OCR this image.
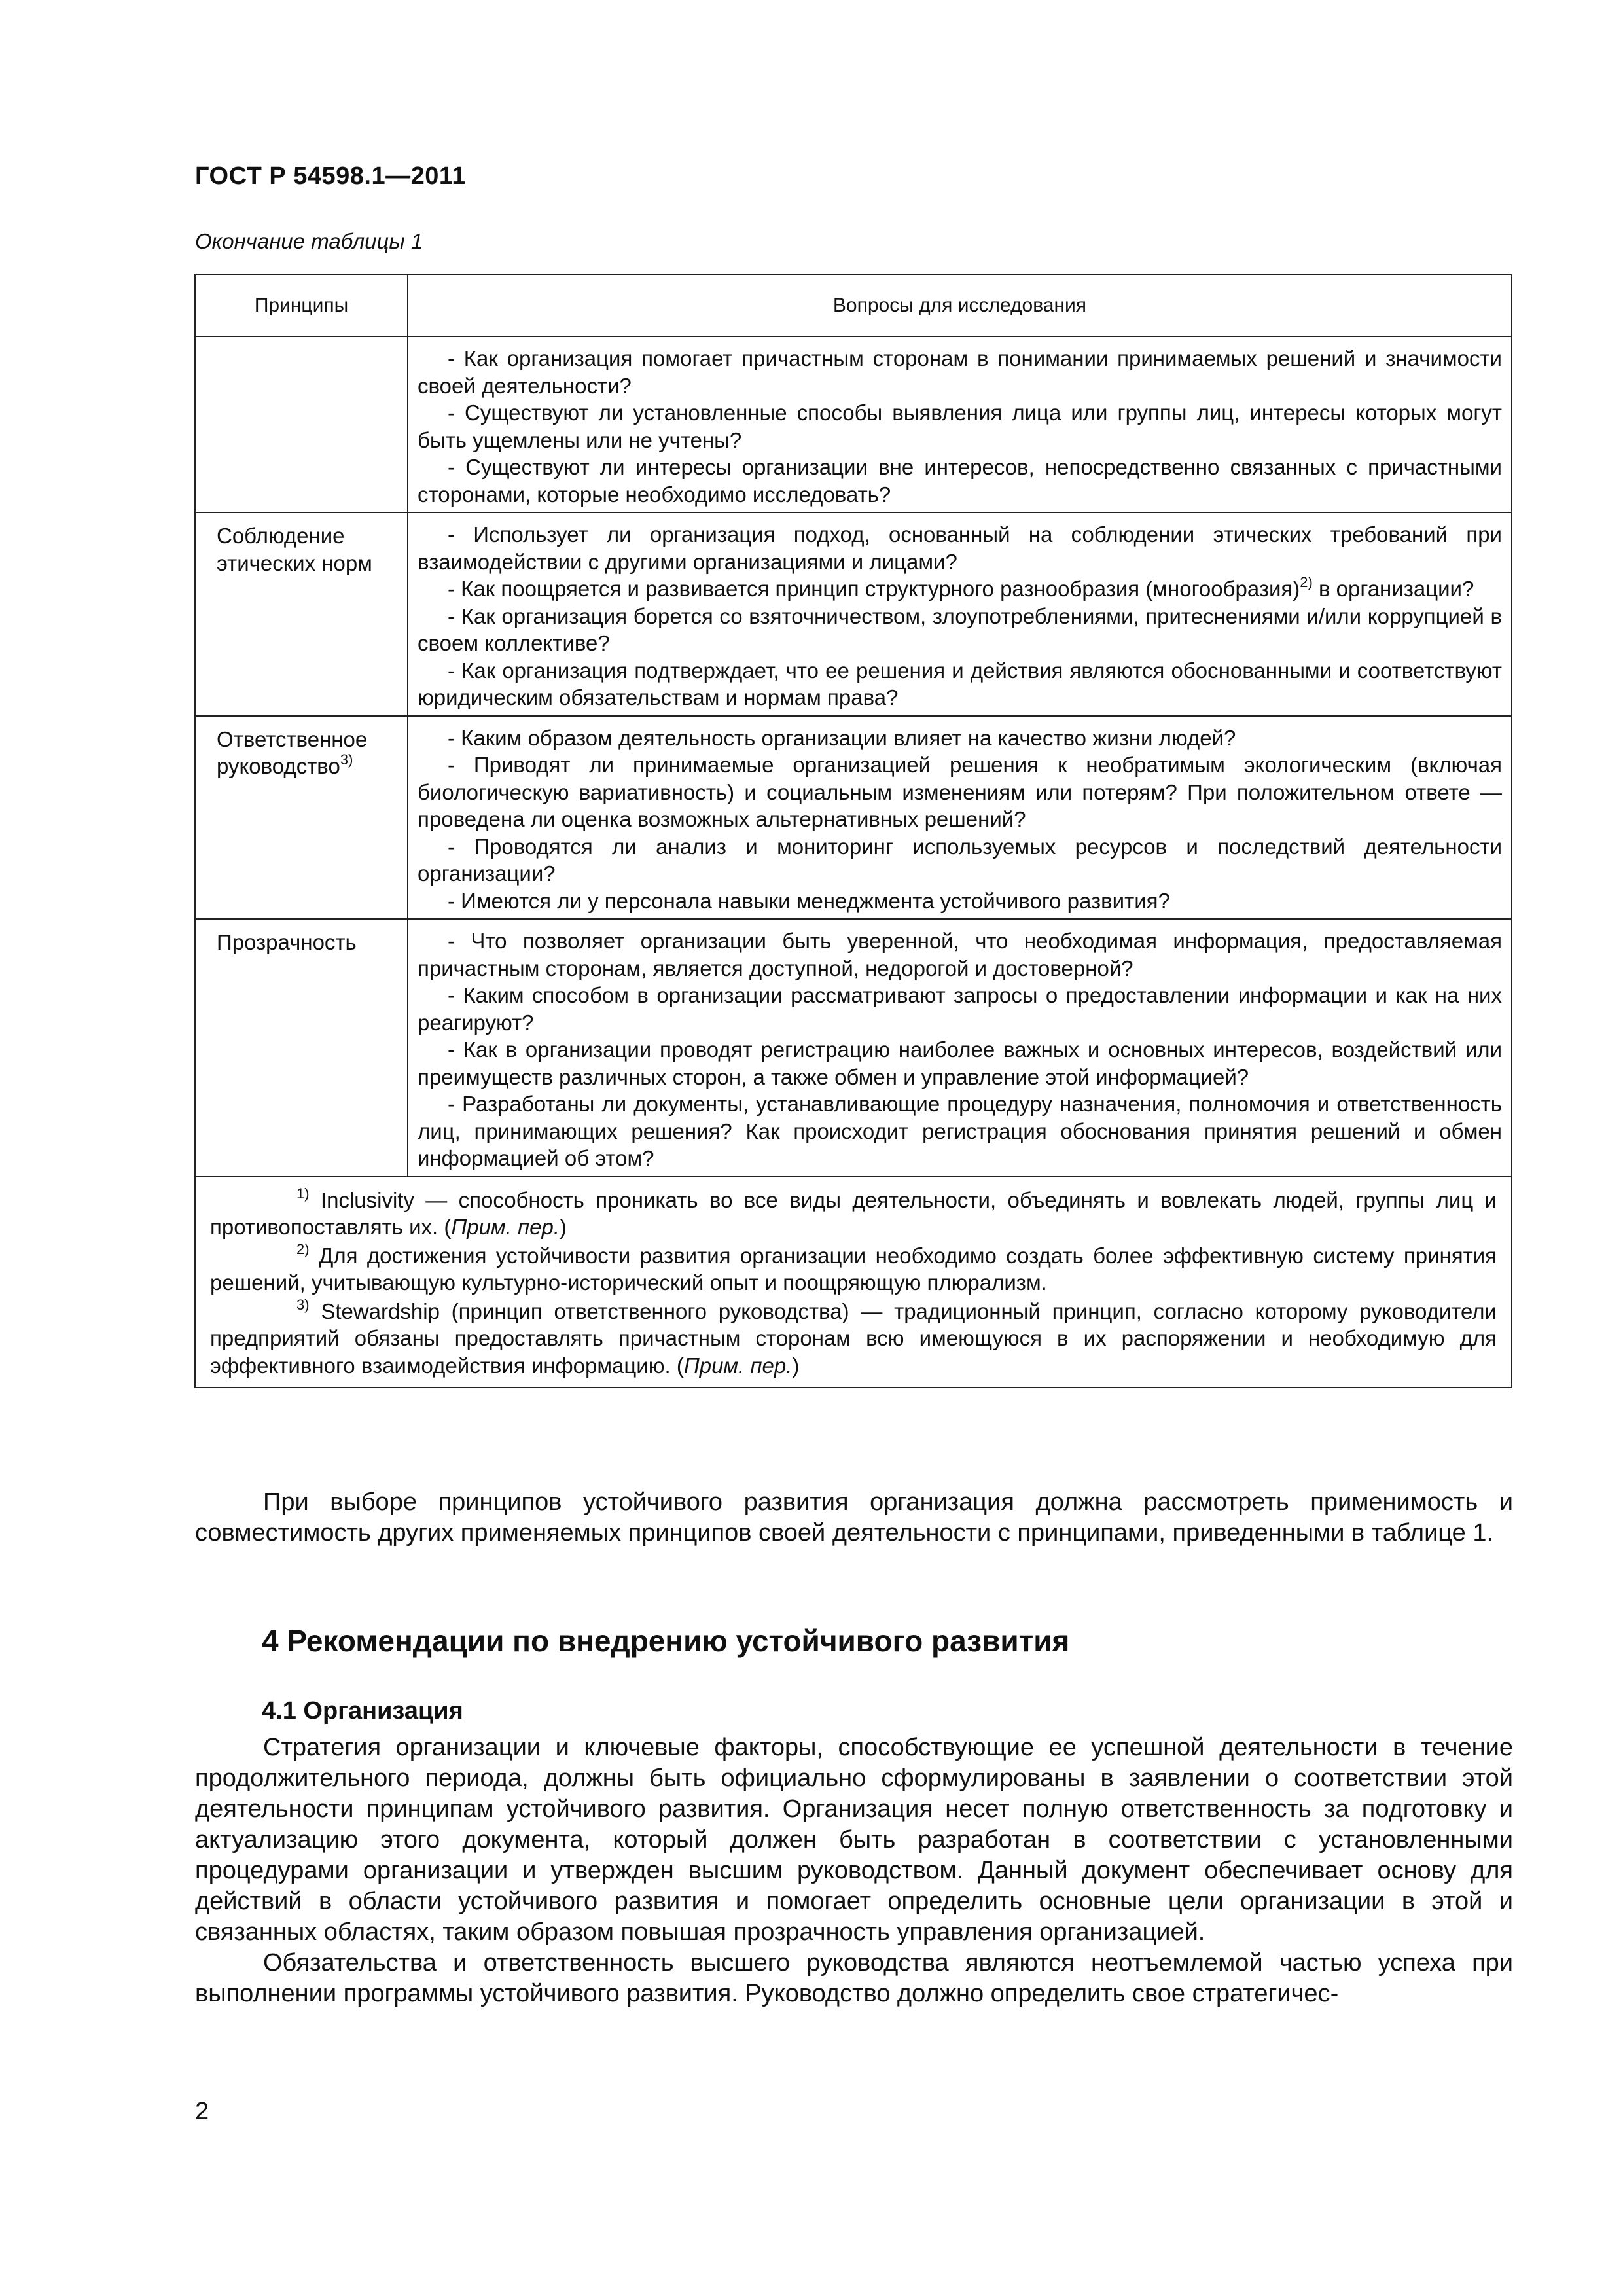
ГОСТ Р 54598.1—2011
Окончание таблицы 1
Принципы	Вопросы для исследования

	- Как организация помогает причастным сторонам в понимании принимаемых решений и значимости своей деятельности?

- Существуют ли установленные способы выявления лица или группы лиц, интересы которых могут быть ущемлены или не учтены?

- Существуют ли интересы организации вне интересов, непосредственно связанных с причастными сторонами, которые необходимо исследовать?

Соблюдение этических норм	- Использует ли организация подход, основанный на соблюдении этических требований при взаимодействии с другими организациями и лицами?

- Как поощряется и развивается принцип структурного разнообразия (многообразия)$^{2)}$ в организации?

- Как организация борется со взяточничеством, злоупотреблениями, притеснениями и/или коррупцией в своем коллективе?

- Как организация подтверждает, что ее решения и действия являются обоснованными и соответствуют юридическим обязательствам и нормам права?

Ответственное руководство$^{3)}$	- Каким образом деятельность организации влияет на качество жизни людей?

- Приводят ли принимаемые организацией решения к необратимым экологическим (включая биологическую вариативность) и социальным изменениям или потерям? При положительном ответе — проведена ли оценка возможных альтернативных решений?

- Проводятся ли анализ и мониторинг используемых ресурсов и последствий деятельности организации?

- Имеются ли у персонала навыки менеджмента устойчивого развития?

Прозрачность	- Что позволяет организации быть уверенной, что необходимая информация, предоставляемая причастным сторонам, является доступной, недорогой и достоверной?

- Каким способом в организации рассматривают запросы о предоставлении информации и как на них реагируют?

- Как в организации проводят регистрацию наиболее важных и основных интересов, воздействий или преимуществ различных сторон, а также обмен и управление этой информацией?

- Разработаны ли документы, устанавливающие процедуру назначения, полномочия и ответственность лиц, принимающих решения? Как происходит регистрация обоснования принятия решений и обмен информацией об этом?

$^{1)}$ Inclusivity — способность проникать во все виды деятельности, объединять и вовлекать людей, группы лиц и противопоставлять их. (Прим. пер.)

$^{2)}$ Для достижения устойчивости развития организации необходимо создать более эффективную систему принятия решений, учитывающую культурно-исторический опыт и поощряющую плюрализм.

$^{3)}$ Stewardship (принцип ответственного руководства) — традиционный принцип, согласно которому руководители предприятий обязаны предоставлять причастным сторонам всю имеющуюся в их распоряжении и необходимую для эффективного взаимодействия информацию. (Прим. пер.)	

При выборе принципов устойчивого развития организация должна рассмотреть применимость и совместимость других применяемых принципов своей деятельности с принципами, приведенными в таблице 1.

4 Рекомендации по внедрению устойчивого развития
4.1 Организация

Стратегия организации и ключевые факторы, способствующие ее успешной деятельности в течение продолжительного периода, должны быть официально сформулированы в заявлении о соответствии этой деятельности принципам устойчивого развития. Организация несет полную ответственность за подготовку и актуализацию этого документа, который должен быть разработан в соответствии с установленными процедурами организации и утвержден высшим руководством. Данный документ обеспечивает основу для действий в области устойчивого развития и помогает определить основные цели организации в этой и связанных областях, таким образом повышая прозрачность управления организацией.

Обязательства и ответственность высшего руководства являются неотъемлемой частью успеха при выполнении программы устойчивого развития. Руководство должно определить свое стратегичес-

2
